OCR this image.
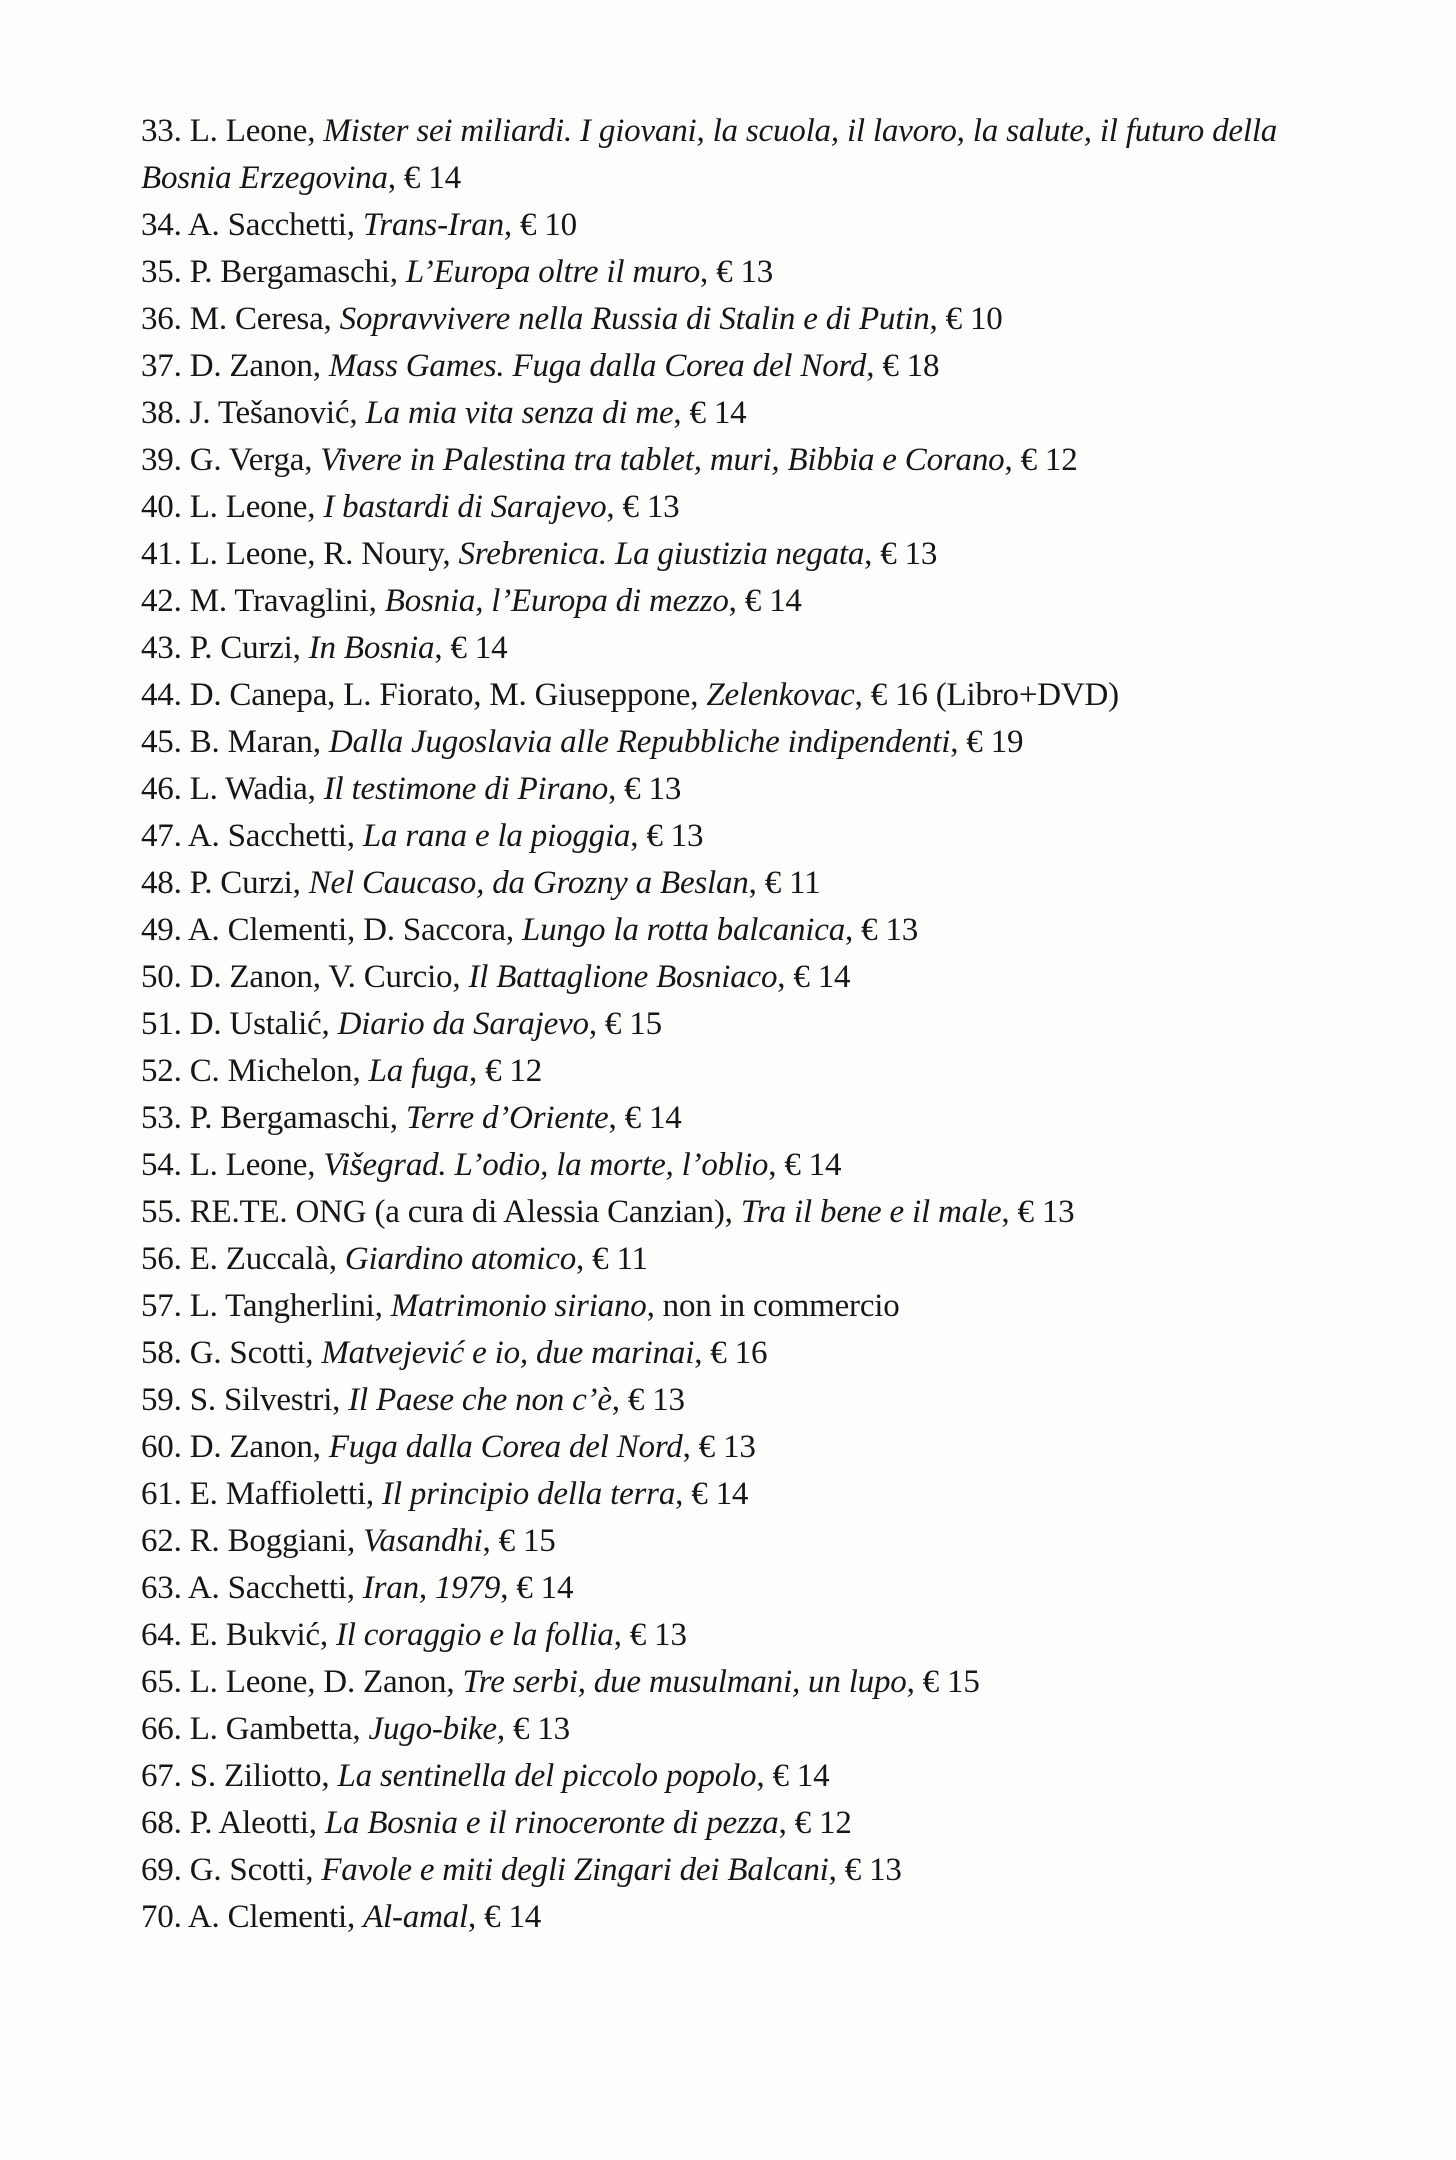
33. L. Leone, Mister sei miliardi. I giovani, la scuola, il lavoro, la salute, il futuro della Bosnia Erzegovina, € 14
34. A. Sacchetti, Trans-Iran, € 10
35. P. Bergamaschi, L’Europa oltre il muro, € 13
36. M. Ceresa, Sopravvivere nella Russia di Stalin e di Putin, € 10
37. D. Zanon, Mass Games. Fuga dalla Corea del Nord, € 18
38. J. Tešanović, La mia vita senza di me, € 14
39. G. Verga, Vivere in Palestina tra tablet, muri, Bibbia e Corano, € 12
40. L. Leone, I bastardi di Sarajevo, € 13
41. L. Leone, R. Noury, Srebrenica. La giustizia negata, € 13
42. M. Travaglini, Bosnia, l’Europa di mezzo, € 14
43. P. Curzi, In Bosnia, € 14
44. D. Canepa, L. Fiorato, M. Giuseppone, Zelenkovac, € 16 (Libro+DVD)
45. B. Maran, Dalla Jugoslavia alle Repubbliche indipendenti, € 19
46. L. Wadia, Il testimone di Pirano, € 13
47. A. Sacchetti, La rana e la pioggia, € 13
48. P. Curzi, Nel Caucaso, da Grozny a Beslan, € 11
49. A. Clementi, D. Saccora, Lungo la rotta balcanica, € 13
50. D. Zanon, V. Curcio, Il Battaglione Bosniaco, € 14
51. D. Ustalić, Diario da Sarajevo, € 15
52. C. Michelon, La fuga, € 12
53. P. Bergamaschi, Terre d’Oriente, € 14
54. L. Leone, Višegrad. L’odio, la morte, l’oblio, € 14
55. RE.TE. ONG (a cura di Alessia Canzian), Tra il bene e il male, € 13
56. E. Zuccalà, Giardino atomico, € 11
57. L. Tangherlini, Matrimonio siriano, non in commercio
58. G. Scotti, Matvejević e io, due marinai, € 16
59. S. Silvestri, Il Paese che non c’è, € 13
60. D. Zanon, Fuga dalla Corea del Nord, € 13
61. E. Maffioletti, Il principio della terra, € 14
62. R. Boggiani, Vasandhi, € 15
63. A. Sacchetti, Iran, 1979, € 14
64. E. Bukvić, Il coraggio e la follia, € 13
65. L. Leone, D. Zanon, Tre serbi, due musulmani, un lupo, € 15
66. L. Gambetta, Jugo-bike, € 13
67. S. Ziliotto, La sentinella del piccolo popolo, € 14
68. P. Aleotti, La Bosnia e il rinoceronte di pezza, € 12
69. G. Scotti, Favole e miti degli Zingari dei Balcani, € 13
70. A. Clementi, Al-amal, € 14
